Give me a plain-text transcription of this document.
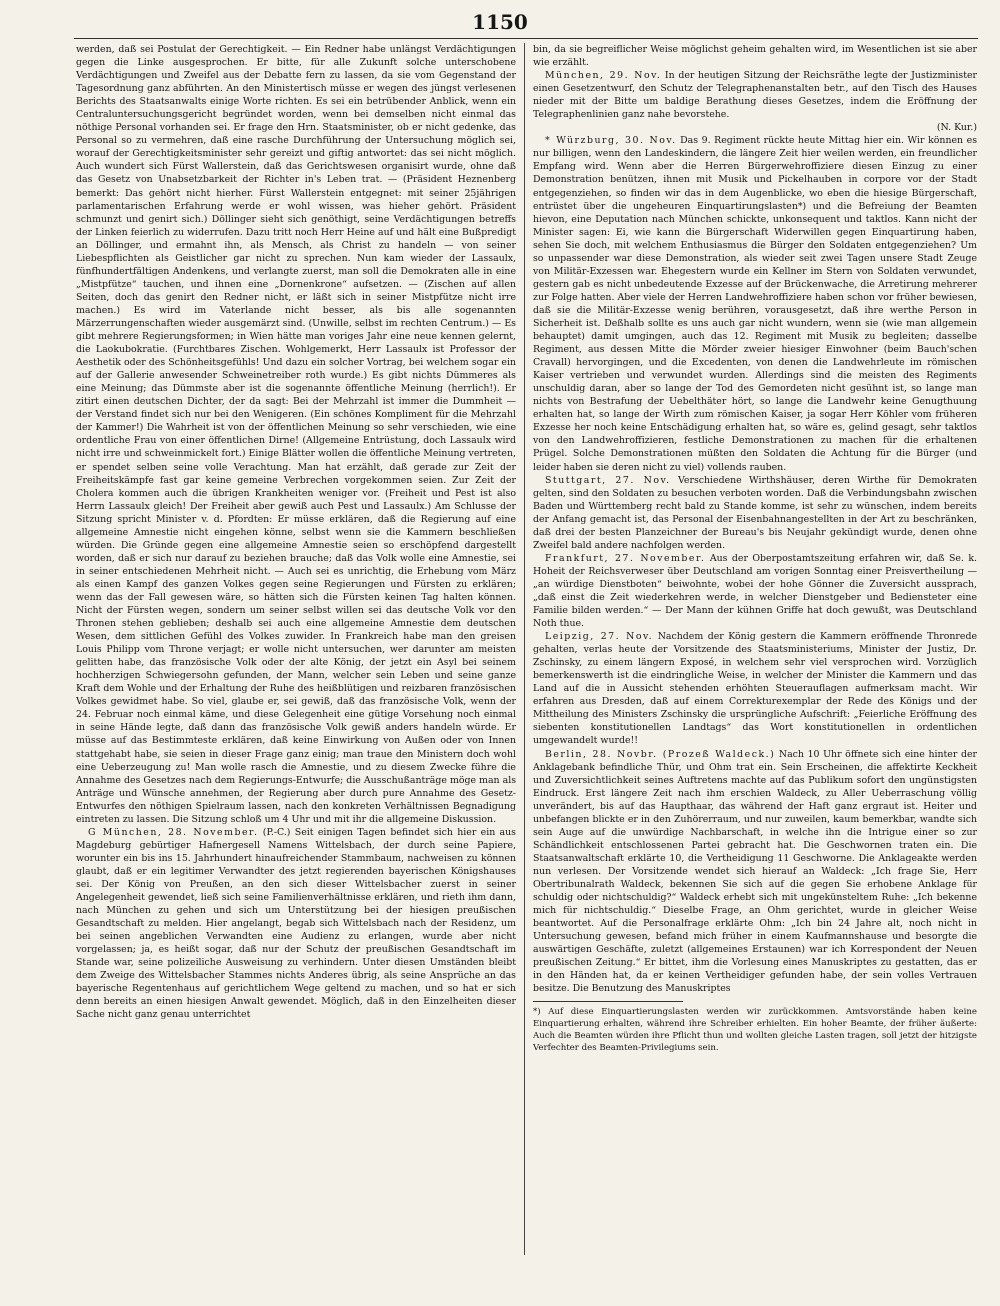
1150

werden, daß sei Postulat der Gerechtigkeit. — Ein Redner habe unlängst Verdächtigungen gegen die Linke ausgesprochen. Er bitte, für alle Zukunft solche unterschobene Verdächtigungen und Zweifel aus der Debatte fern zu lassen, da sie vom Gegenstand der Tagesordnung ganz abführten. An den Ministertisch müsse er wegen des jüngst verlesenen Berichts des Staatsanwalts einige Worte richten. Es sei ein betrübender Anblick, wenn ein Centraluntersuchungsgericht begründet worden, wenn bei demselben nicht einmal das nöthige Personal vorhanden sei. Er frage den Hrn. Staatsminister, ob er nicht gedenke, das Personal so zu vermehren, daß eine rasche Durchführung der Untersuchung möglich sei, worauf der Gerechtigkeitsminister sehr gereizt und giftig antwortet: das sei nicht möglich. Auch wundert sich Fürst Wallerstein, daß das Gerichtswesen organisirt wurde, ohne daß das Gesetz von Unabsetzbarkeit der Richter in's Leben trat. — (Präsident Heznenberg bemerkt: Das gehört nicht hierher. Fürst Wallerstein entgegnet: mit seiner 25jährigen parlamentarischen Erfahrung werde er wohl wissen, was hieher gehört. Präsident schmunzt und genirt sich.) Döllinger sieht sich genöthigt, seine Verdächtigungen betreffs der Linken feierlich zu widerrufen. Dazu tritt noch Herr Heine auf und hält eine Bußpredigt an Döllinger, und ermahnt ihn, als Mensch, als Christ zu handeln — von seiner Liebespflichten als Geistlicher gar nicht zu sprechen. Nun kam wieder der Lassaulx, fünfhundertfältigen Andenkens, und verlangte zuerst, man soll die Demokraten alle in eine „Mistpfütze“ tauchen, und ihnen eine „Dornenkrone“ aufsetzen. — (Zischen auf allen Seiten, doch das genirt den Redner nicht, er läßt sich in seiner Mistpfütze nicht irre machen.) Es wird im Vaterlande nicht besser, als bis alle sogenannten Märzerrungenschaften wieder ausgemärzt sind. (Unwille, selbst im rechten Centrum.) — Es gibt mehrere Regierungsformen; in Wien hätte man voriges Jahr eine neue kennen gelernt, die Laokubokratie. (Furchtbares Zischen. Wohlgemerkt, Herr Lassaulx ist Professor der Aesthetik oder des Schönheitsgefühls! Und dazu ein solcher Vortrag, bei welchem sogar ein auf der Gallerie anwesender Schweinetreiber roth wurde.) Es gibt nichts Dümmeres als eine Meinung; das Dümmste aber ist die sogenannte öffentliche Meinung (herrlich!). Er zitirt einen deutschen Dichter, der da sagt: Bei der Mehrzahl ist immer die Dummheit — der Verstand findet sich nur bei den Wenigeren. (Ein schönes Kompliment für die Mehrzahl der Kammer!) Die Wahrheit ist von der öffentlichen Meinung so sehr verschieden, wie eine ordentliche Frau von einer öffentlichen Dirne! (Allgemeine Entrüstung, doch Lassaulx wird nicht irre und schweinmickelt fort.) Einige Blätter wollen die öffentliche Meinung vertreten, er spendet selben seine volle Verachtung. Man hat erzählt, daß gerade zur Zeit der Freiheitskämpfe fast gar keine gemeine Verbrechen vorgekommen seien. Zur Zeit der Cholera kommen auch die übrigen Krankheiten weniger vor. (Freiheit und Pest ist also Herrn Lassaulx gleich! Der Freiheit aber gewiß auch Pest und Lassaulx.) Am Schlusse der Sitzung spricht Minister v. d. Pfordten: Er müsse erklären, daß die Regierung auf eine allgemeine Amnestie nicht eingehen könne, selbst wenn sie die Kammern beschließen würden. Die Gründe gegen eine allgemeine Amnestie seien so erschöpfend dargestellt worden, daß er sich nur darauf zu beziehen brauche; daß das Volk wolle eine Amnestie, sei in seiner entschiedenen Mehrheit nicht. — Auch sei es unrichtig, die Erhebung vom März als einen Kampf des ganzen Volkes gegen seine Regierungen und Fürsten zu erklären; wenn das der Fall gewesen wäre, so hätten sich die Fürsten keinen Tag halten können. Nicht der Fürsten wegen, sondern um seiner selbst willen sei das deutsche Volk vor den Thronen stehen geblieben; deshalb sei auch eine allgemeine Amnestie dem deutschen Wesen, dem sittlichen Gefühl des Volkes zuwider. In Frankreich habe man den greisen Louis Philipp vom Throne verjagt; er wolle nicht untersuchen, wer darunter am meisten gelitten habe, das französische Volk oder der alte König, der jetzt ein Asyl bei seinem hochherzigen Schwiegersohn gefunden, der Mann, welcher sein Leben und seine ganze Kraft dem Wohle und der Erhaltung der Ruhe des heißblütigen und reizbaren französischen Volkes gewidmet habe. So viel, glaube er, sei gewiß, daß das französische Volk, wenn der 24. Februar noch einmal käme, und diese Gelegenheit eine gütige Vorsehung noch einmal in seine Hände legte, daß dann das französische Volk gewiß anders handeln würde. Er müsse auf das Bestimmteste erklären, daß keine Einwirkung von Außen oder von Innen stattgehabt habe, sie seien in dieser Frage ganz einig; man traue den Ministern doch wohl eine Ueberzeugung zu! Man wolle rasch die Amnestie, und zu diesem Zwecke führe die Annahme des Gesetzes nach dem Regierungs-Entwurfe; die Ausschußanträge möge man als Anträge und Wünsche annehmen, der Regierung aber durch pure Annahme des Gesetz-Entwurfes den nöthigen Spielraum lassen, nach den konkreten Verhältnissen Begnadigung eintreten zu lassen. Die Sitzung schloß um 4 Uhr und mit ihr die allgemeine Diskussion.

G München, 28. November. (P.-C.) Seit einigen Tagen befindet sich hier ein aus Magdeburg gebürtiger Hafnergesell Namens Wittelsbach, der durch seine Papiere, worunter ein bis ins 15. Jahrhundert hinaufreichender Stammbaum, nachweisen zu können glaubt, daß er ein legitimer Verwandter des jetzt regierenden bayerischen Königshauses sei. Der König von Preußen, an den sich dieser Wittelsbacher zuerst in seiner Angelegenheit gewendet, ließ sich seine Familienverhältnisse erklären, und rieth ihm dann, nach München zu gehen und sich um Unterstützung bei der hiesigen preußischen Gesandtschaft zu melden. Hier angelangt, begab sich Wittelsbach nach der Residenz, um bei seinen angeblichen Verwandten eine Audienz zu erlangen, wurde aber nicht vorgelassen; ja, es heißt sogar, daß nur der Schutz der preußischen Gesandtschaft im Stande war, seine polizeiliche Ausweisung zu verhindern. Unter diesen Umständen bleibt dem Zweige des Wittelsbacher Stammes nichts Anderes übrig, als seine Ansprüche an das bayerische Regentenhaus auf gerichtlichem Wege geltend zu machen, und so hat er sich denn bereits an einen hiesigen Anwalt gewendet. Möglich, daß in den Einzelheiten dieser Sache nicht ganz genau unterrichtet

bin, da sie begreiflicher Weise möglichst geheim gehalten wird, im Wesentlichen ist sie aber wie erzählt.

München, 29. Nov. In der heutigen Sitzung der Reichsräthe legte der Justizminister einen Gesetzentwurf, den Schutz der Telegraphenanstalten betr., auf den Tisch des Hauses nieder mit der Bitte um baldige Berathung dieses Gesetzes, indem die Eröffnung der Telegraphenlinien ganz nahe bevorstehe.

(N. Kur.)

* Würzburg, 30. Nov. Das 9. Regiment rückte heute Mittag hier ein. Wir können es nur billigen, wenn den Landeskindern, die längere Zeit hier weilen werden, ein freundlicher Empfang wird. Wenn aber die Herren Bürgerwehroffiziere diesen Einzug zu einer Demonstration benützen, ihnen mit Musik und Pickelhauben in corpore vor der Stadt entgegenziehen, so finden wir das in dem Augenblicke, wo eben die hiesige Bürgerschaft, entrüstet über die ungeheuren Einquartirungslasten*) und die Befreiung der Beamten hievon, eine Deputation nach München schickte, unkonsequent und taktlos. Kann nicht der Minister sagen: Ei, wie kann die Bürgerschaft Widerwillen gegen Einquartirung haben, sehen Sie doch, mit welchem Enthusiasmus die Bürger den Soldaten entgegenziehen? Um so unpassender war diese Demonstration, als wieder seit zwei Tagen unsere Stadt Zeuge von Militär-Exzessen war. Ehegestern wurde ein Kellner im Stern von Soldaten verwundet, gestern gab es nicht unbedeutende Exzesse auf der Brückenwache, die Arretirung mehrerer zur Folge hatten. Aber viele der Herren Landwehroffiziere haben schon vor früher bewiesen, daß sie die Militär-Exzesse wenig berühren, vorausgesetzt, daß ihre werthe Person in Sicherheit ist. Deßhalb sollte es uns auch gar nicht wundern, wenn sie (wie man allgemein behauptet) damit umgingen, auch das 12. Regiment mit Musik zu begleiten; dasselbe Regiment, aus dessen Mitte die Mörder zweier hiesiger Einwohner (beim Bauch'schen Cravall) hervorgingen, und die Excedenten, von denen die Landwehrleute im römischen Kaiser vertrieben und verwundet wurden. Allerdings sind die meisten des Regiments unschuldig daran, aber so lange der Tod des Gemordeten nicht gesühnt ist, so lange man nichts von Bestrafung der Uebelthäter hört, so lange die Landwehr keine Genugthuung erhalten hat, so lange der Wirth zum römischen Kaiser, ja sogar Herr Köhler vom früheren Exzesse her noch keine Entschädigung erhalten hat, so wäre es, gelind gesagt, sehr taktlos von den Landwehroffizieren, festliche Demonstrationen zu machen für die erhaltenen Prügel. Solche Demonstrationen müßten den Soldaten die Achtung für die Bürger (und leider haben sie deren nicht zu viel) vollends rauben.

Stuttgart, 27. Nov. Verschiedene Wirthshäuser, deren Wirthe für Demokraten gelten, sind den Soldaten zu besuchen verboten worden. Daß die Verbindungsbahn zwischen Baden und Württemberg recht bald zu Stande komme, ist sehr zu wünschen, indem bereits der Anfang gemacht ist, das Personal der Eisenbahnangestellten in der Art zu beschränken, daß drei der besten Planzeichner der Bureau's bis Neujahr gekündigt wurde, denen ohne Zweifel bald andere nachfolgen werden.

Frankfurt, 27. November. Aus der Oberpostamtszeitung erfahren wir, daß Se. k. Hoheit der Reichsverweser über Deutschland am vorigen Sonntag einer Preisvertheilung — „an würdige Dienstboten“ beiwohnte, wobei der hohe Gönner die Zuversicht aussprach, „daß einst die Zeit wiederkehren werde, in welcher Dienstgeber und Bediensteter eine Familie bilden werden.“ — Der Mann der kühnen Griffe hat doch gewußt, was Deutschland Noth thue.

Leipzig, 27. Nov. Nachdem der König gestern die Kammern eröffnende Thronrede gehalten, verlas heute der Vorsitzende des Staatsministeriums, Minister der Justiz, Dr. Zschinsky, zu einem längern Exposé, in welchem sehr viel versprochen wird. Vorzüglich bemerkenswerth ist die eindringliche Weise, in welcher der Minister die Kammern und das Land auf die in Aussicht stehenden erhöhten Steuerauflagen aufmerksam macht. Wir erfahren aus Dresden, daß auf einem Correkturexemplar der Rede des Königs und der Mittheilung des Ministers Zschinsky die ursprüngliche Aufschrift: „Feierliche Eröffnung des siebenten konstitutionellen Landtags“ das Wort konstitutionellen in ordentlichen umgewandelt wurde!!

Berlin, 28. Novbr. (Prozeß Waldeck.) Nach 10 Uhr öffnete sich eine hinter der Anklagebank befindliche Thür, und Ohm trat ein. Sein Erscheinen, die affektirte Keckheit und Zuversichtlichkeit seines Auftretens machte auf das Publikum sofort den ungünstigsten Eindruck. Erst längere Zeit nach ihm erschien Waldeck, zu Aller Ueberraschung völlig unverändert, bis auf das Haupthaar, das während der Haft ganz ergraut ist. Heiter und unbefangen blickte er in den Zuhörerraum, und nur zuweilen, kaum bemerkbar, wandte sich sein Auge auf die unwürdige Nachbarschaft, in welche ihn die Intrigue einer so zur Schändlichkeit entschlossenen Partei gebracht hat. Die Geschwornen traten ein. Die Staatsanwaltschaft erklärte 10, die Vertheidigung 11 Geschworne. Die Anklageakte werden nun verlesen. Der Vorsitzende wendet sich hierauf an Waldeck: „Ich frage Sie, Herr Obertribunalrath Waldeck, bekennen Sie sich auf die gegen Sie erhobene Anklage für schuldig oder nichtschuldig?“ Waldeck erhebt sich mit ungekünsteltem Ruhe: „Ich bekenne mich für nichtschuldig.“ Dieselbe Frage, an Ohm gerichtet, wurde in gleicher Weise beantwortet. Auf die Personalfrage erklärte Ohm: „Ich bin 24 Jahre alt, noch nicht in Untersuchung gewesen, befand mich früher in einem Kaufmannshause und besorgte die auswärtigen Geschäfte, zuletzt (allgemeines Erstaunen) war ich Korrespondent der Neuen preußischen Zeitung.“ Er bittet, ihm die Vorlesung eines Manuskriptes zu gestatten, das er in den Händen hat, da er keinen Vertheidiger gefunden habe, der sein volles Vertrauen besitze. Die Benutzung des Manuskriptes

*) Auf diese Einquartierungslasten werden wir zurückkommen. Amtsvorstände haben keine Einquartierung erhalten, während ihre Schreiber erhielten. Ein hoher Beamte, der früher äußerte: Auch die Beamten würden ihre Pflicht thun und wollten gleiche Lasten tragen, soll jetzt der hitzigste Verfechter des Beamten-Privilegiums sein.
